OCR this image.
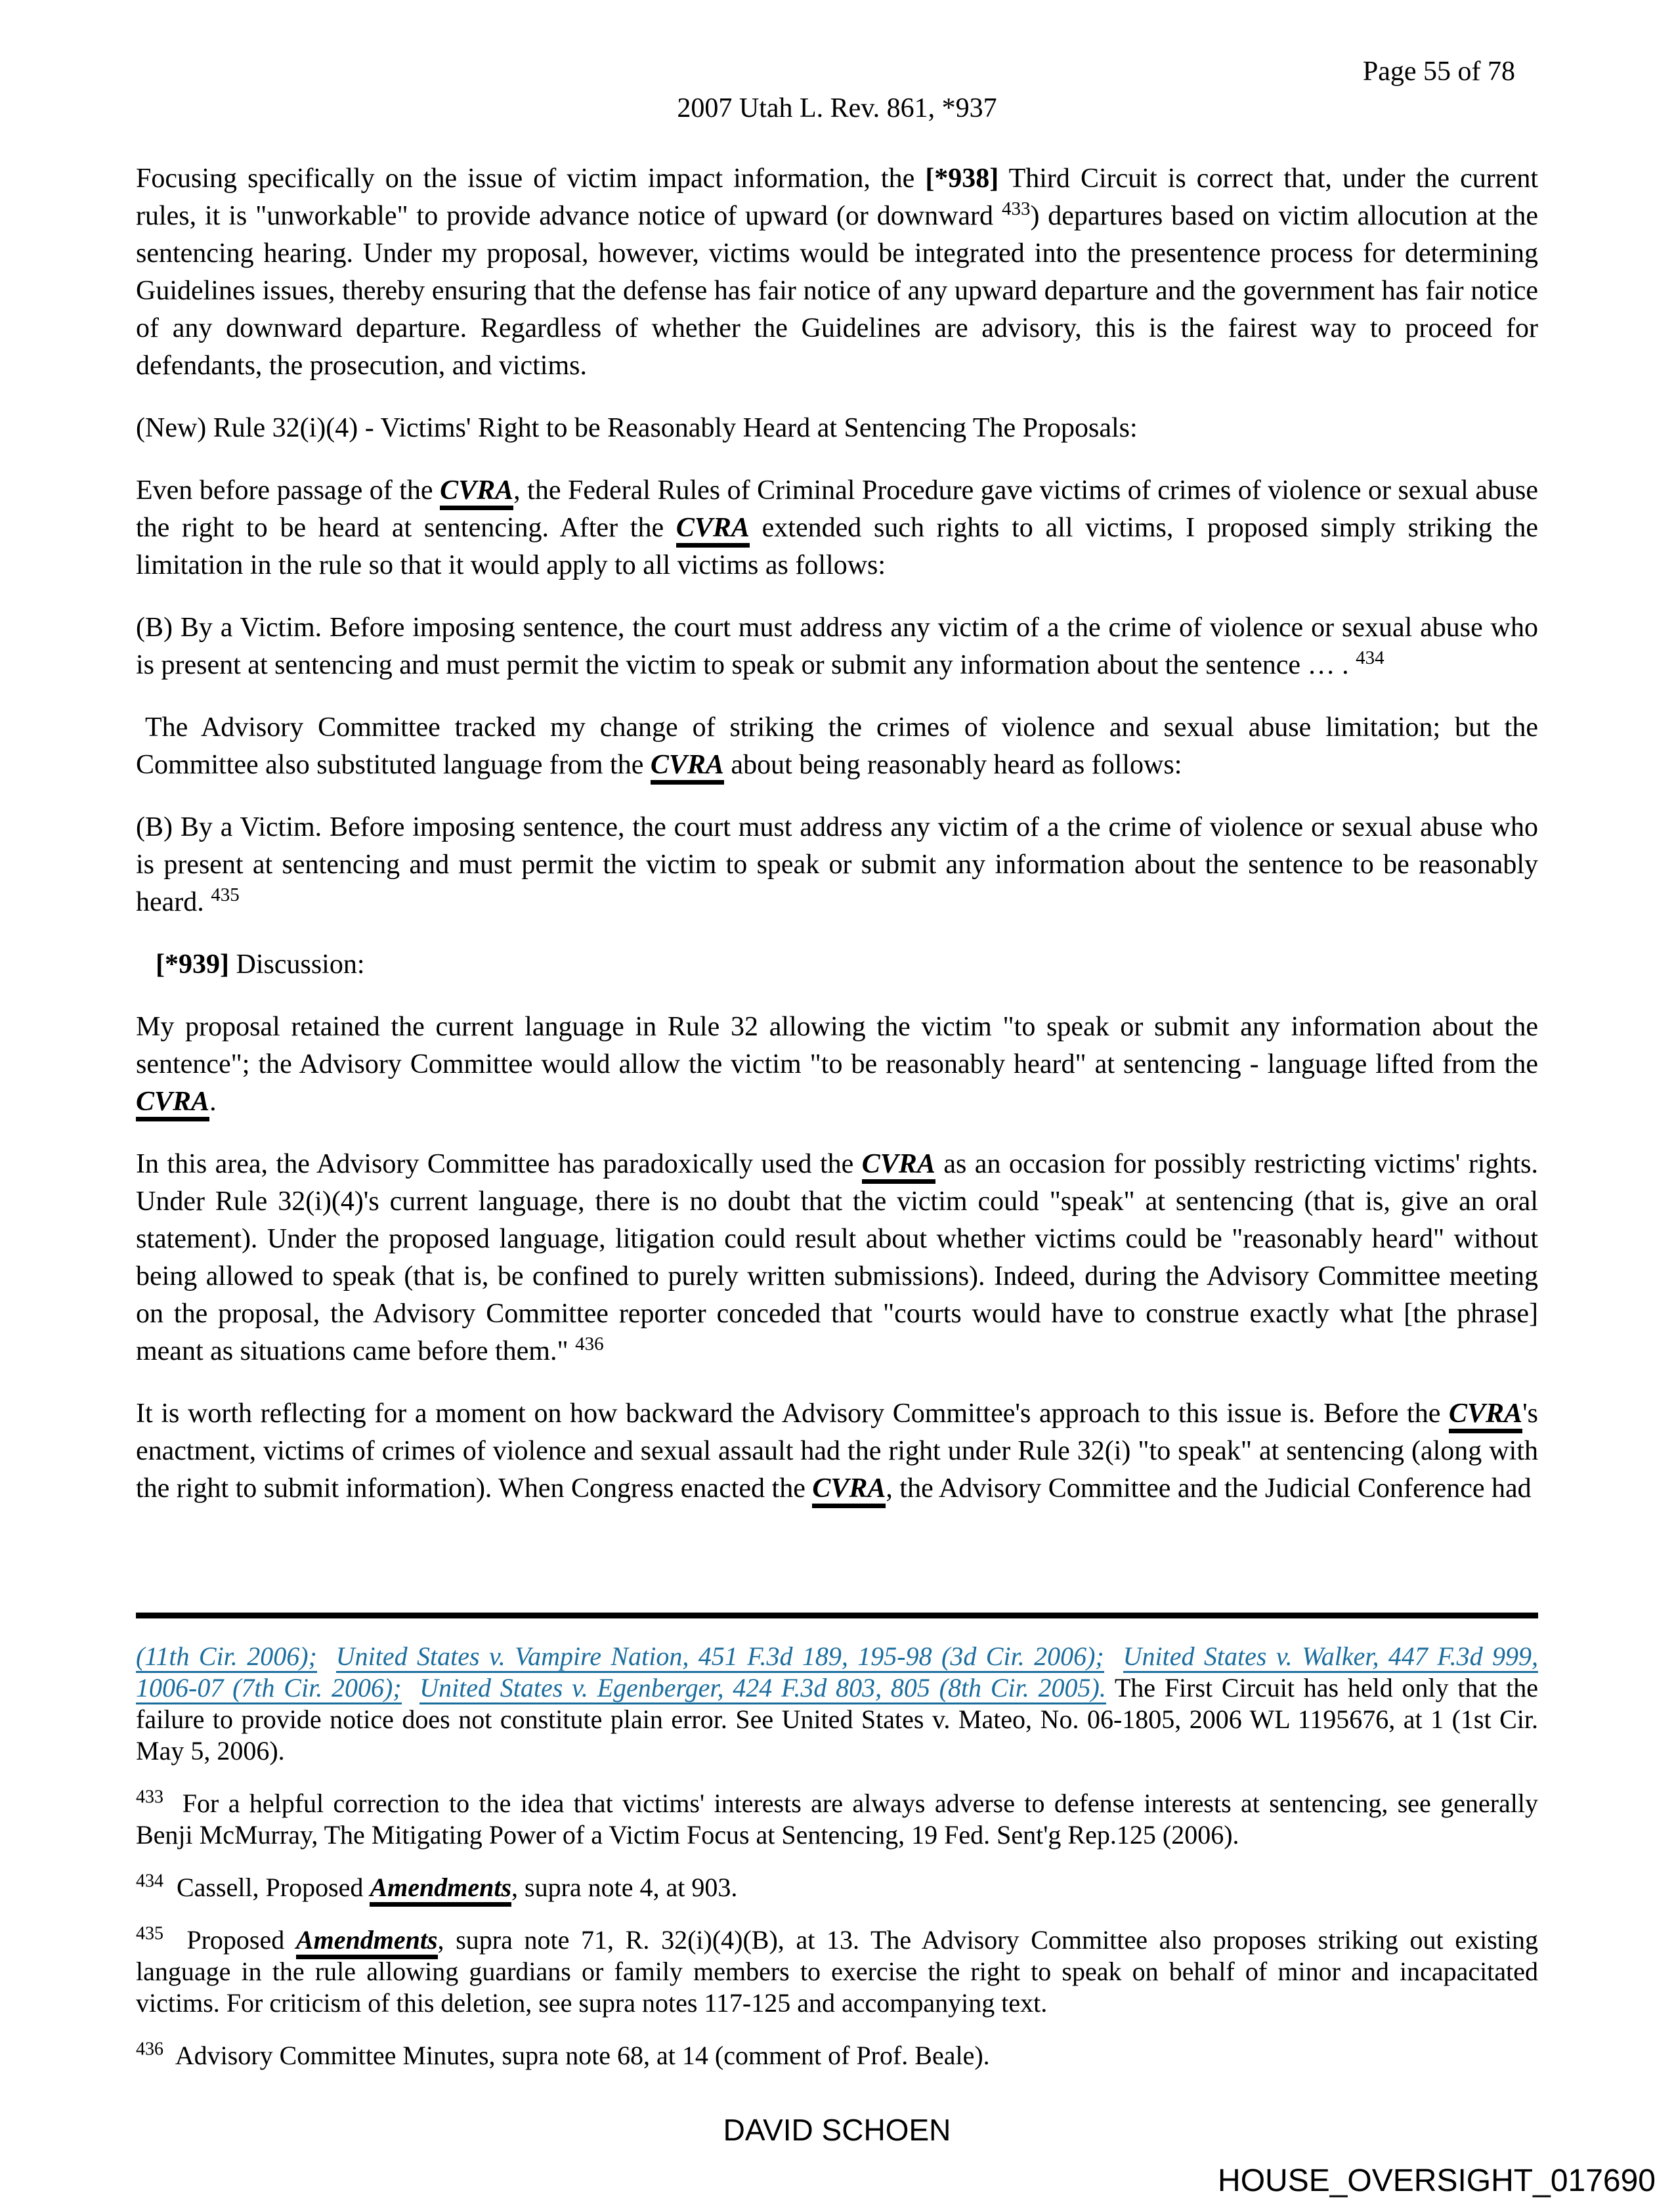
Page 55 of 78
2007 Utah L. Rev. 861, *937

Focusing specifically on the issue of victim impact information, the [*938] Third Circuit is correct that, under the current rules, it is "unworkable" to provide advance notice of upward (or downward $^{433}$) departures based on victim allocution at the sentencing hearing. Under my proposal, however, victims would be integrated into the presentence process for determining Guidelines issues, thereby ensuring that the defense has fair notice of any upward departure and the government has fair notice of any downward departure. Regardless of whether the Guidelines are advisory, this is the fairest way to proceed for defendants, the prosecution, and victims.

(New) Rule 32(i)(4) - Victims' Right to be Reasonably Heard at Sentencing The Proposals:

Even before passage of the CVRA, the Federal Rules of Criminal Procedure gave victims of crimes of violence or sexual abuse the right to be heard at sentencing. After the CVRA extended such rights to all victims, I proposed simply striking the limitation in the rule so that it would apply to all victims as follows:

(B) By a Victim. Before imposing sentence, the court must address any victim of a the crime of violence or sexual abuse who is present at sentencing and must permit the victim to speak or submit any information about the sentence … . $^{434}$

The Advisory Committee tracked my change of striking the crimes of violence and sexual abuse limitation; but the Committee also substituted language from the CVRA about being reasonably heard as follows:

(B) By a Victim. Before imposing sentence, the court must address any victim of a the crime of violence or sexual abuse who is present at sentencing and must permit the victim to speak or submit any information about the sentence to be reasonably heard. $^{435}$

[*939] Discussion:

My proposal retained the current language in Rule 32 allowing the victim "to speak or submit any information about the sentence"; the Advisory Committee would allow the victim "to be reasonably heard" at sentencing - language lifted from the CVRA.

In this area, the Advisory Committee has paradoxically used the CVRA as an occasion for possibly restricting victims' rights. Under Rule 32(i)(4)'s current language, there is no doubt that the victim could "speak" at sentencing (that is, give an oral statement). Under the proposed language, litigation could result about whether victims could be "reasonably heard" without being allowed to speak (that is, be confined to purely written submissions). Indeed, during the Advisory Committee meeting on the proposal, the Advisory Committee reporter conceded that "courts would have to construe exactly what [the phrase] meant as situations came before them." $^{436}$

It is worth reflecting for a moment on how backward the Advisory Committee's approach to this issue is. Before the CVRA's enactment, victims of crimes of violence and sexual assault had the right under Rule 32(i) "to speak" at sentencing (along with the right to submit information). When Congress enacted the CVRA, the Advisory Committee and the Judicial Conference had

(11th Cir. 2006); United States v. Vampire Nation, 451 F.3d 189, 195-98 (3d Cir. 2006); United States v. Walker, 447 F.3d 999, 1006-07 (7th Cir. 2006); United States v. Egenberger, 424 F.3d 803, 805 (8th Cir. 2005). The First Circuit has held only that the failure to provide notice does not constitute plain error. See United States v. Mateo, No. 06-1805, 2006 WL 1195676, at 1 (1st Cir. May 5, 2006).

$^{433}$  For a helpful correction to the idea that victims' interests are always adverse to defense interests at sentencing, see generally Benji McMurray, The Mitigating Power of a Victim Focus at Sentencing, 19 Fed. Sent'g Rep.125 (2006).

$^{434}$  Cassell, Proposed Amendments, supra note 4, at 903.

$^{435}$  Proposed Amendments, supra note 71, R. 32(i)(4)(B), at 13. The Advisory Committee also proposes striking out existing language in the rule allowing guardians or family members to exercise the right to speak on behalf of minor and incapacitated victims. For criticism of this deletion, see supra notes 117-125 and accompanying text.

$^{436}$  Advisory Committee Minutes, supra note 68, at 14 (comment of Prof. Beale).

DAVID SCHOEN
HOUSE_OVERSIGHT_017690
